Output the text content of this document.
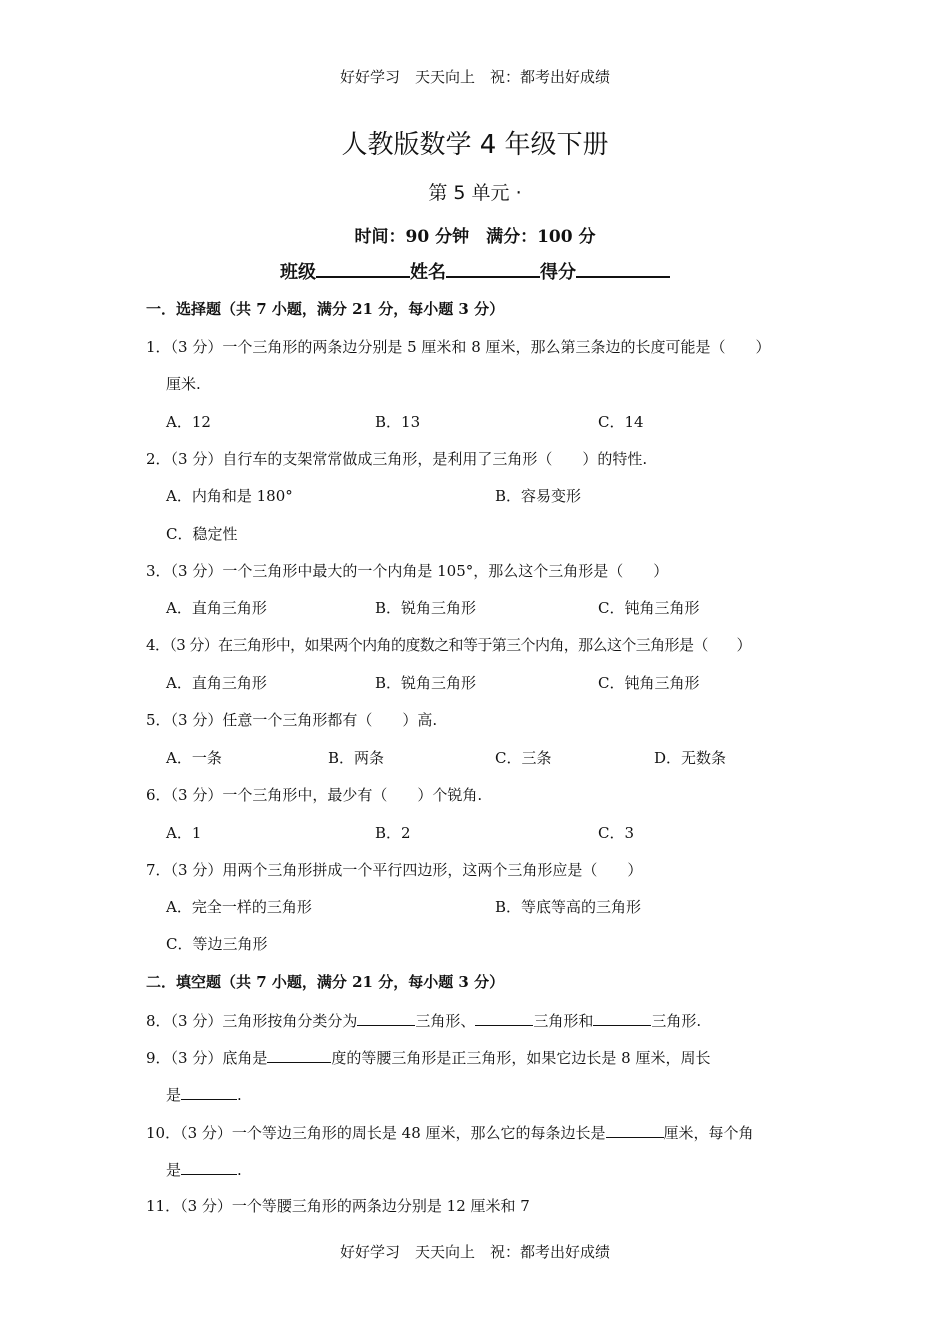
好好学习　天天向上　祝：都考出好成绩
人教版数学 4 年级下册
第 5 单元 ·
时间：90 分钟　满分：100 分
班级	姓名	得分
一．选择题（共 7 小题，满分 21 分，每小题 3 分）
1．（3 分）一个三角形的两条边分别是 5 厘米和 8 厘米，那么第三条边的长度可能是（　　）
厘米.
A．12	B．13	C．14
2．（3 分）自行车的支架常常做成三角形，是利用了三角形（　　）的特性.
A．内角和是 180°	B．容易变形
C．稳定性
3．（3 分）一个三角形中最大的一个内角是 105°，那么这个三角形是（　　）
A．直角三角形	B．锐角三角形	C．钝角三角形
4．（3 分）在三角形中，如果两个内角的度数之和等于第三个内角，那么这个三角形是（　　）
A．直角三角形	B．锐角三角形	C．钝角三角形
5．（3 分）任意一个三角形都有（　　）高.
A．一条	B．两条	C．三条	D．无数条
6．（3 分）一个三角形中，最少有（　　）个锐角.
A．1	B．2	C．3
7．（3 分）用两个三角形拼成一个平行四边形，这两个三角形应是（　　）
A．完全一样的三角形	B．等底等高的三角形
C．等边三角形
二．填空题（共 7 小题，满分 21 分，每小题 3 分）
8．（3 分）三角形按角分类分为	三角形、	三角形和	三角形.
9．（3 分）底角是	度的等腰三角形是正三角形，如果它边长是 8 厘米，周长
是	.
10．（3 分）一个等边三角形的周长是 48 厘米，那么它的每条边长是	厘米，每个角
是	.
11．（3 分）一个等腰三角形的两条边分别是 12 厘米和 7
好好学习　天天向上　祝：都考出好成绩
